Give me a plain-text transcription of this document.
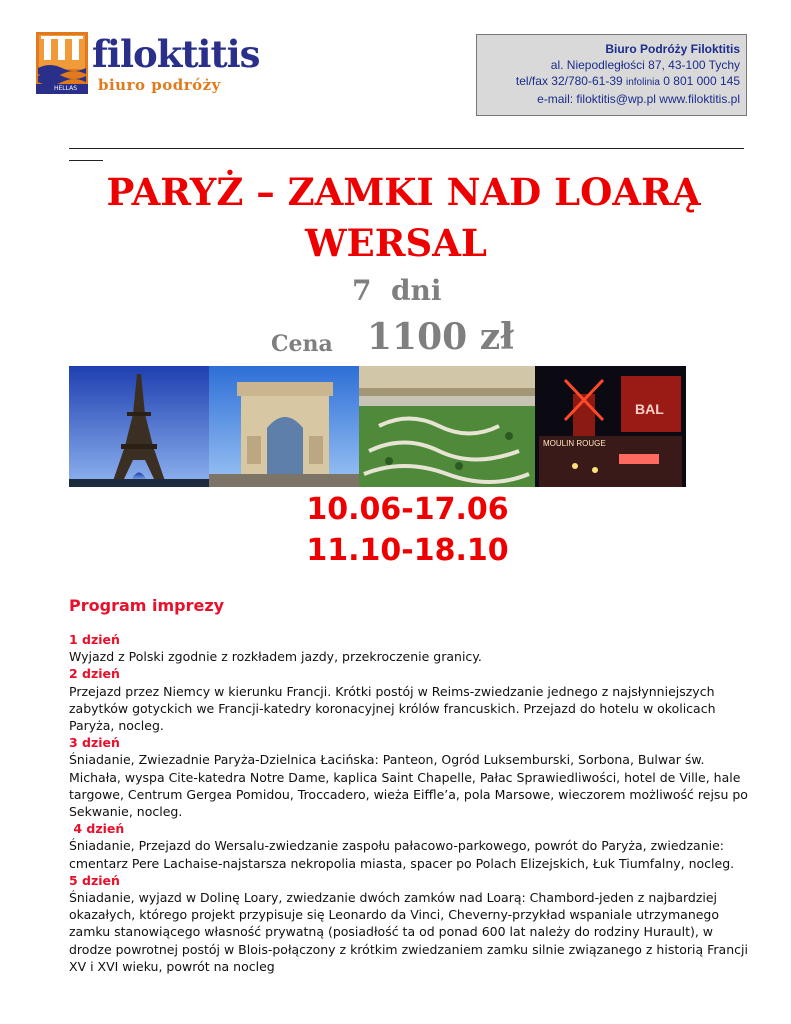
filoktitis
biuro podróży
HELLAS
Biuro Podróży Filoktitis
al. Niepodległości 87, 43-100 Tychy
tel/fax 32/780-61-39 infolinia 0 801 000 145
e-mail: filoktitis@wp.pl www.filoktitis.pl
PARYŻ – ZAMKI NAD LOARĄ
WERSAL
7  dni
Cena 1100 zł
MOULIN ROUGE
BAL
10.06-17.06
11.10-18.10
Program imprezy
1 dzień

Wyjazd z Polski zgodnie z rozkładem jazdy, przekroczenie granicy.

2 dzień

Przejazd przez Niemcy w kierunku Francji. Krótki postój w Reims-zwiedzanie jednego z najsłynniejszych zabytków gotyckich we Francji-katedry koronacyjnej królów francuskich. Przejazd do hotelu w okolicach Paryża, nocleg.

3 dzień

Śniadanie, Zwiezadnie Paryża-Dzielnica Łacińska: Panteon, Ogród Luksemburski, Sorbona, Bulwar św. Michała, wyspa Cite-katedra Notre Dame, kaplica Saint Chapelle, Pałac Sprawiedliwości, hotel de Ville, hale targowe, Centrum Gergea Pomidou, Troccadero, wieża Eiffle’a, pola Marsowe, wieczorem możliwość rejsu po Sekwanie, nocleg.

4 dzień

Śniadanie, Przejazd do Wersalu-zwiedzanie zaspołu pałacowo-parkowego, powrót do Paryża, zwiedzanie: cmentarz Pere Lachaise-najstarsza nekropolia miasta, spacer po Polach Elizejskich, Łuk Tiumfalny, nocleg.

5 dzień

Śniadanie, wyjazd w Dolinę Loary, zwiedzanie dwóch zamków nad Loarą: Chambord-jeden z najbardziej okazałych, którego projekt przypisuje się Leonardo da Vinci, Cheverny-przykład wspaniale utrzymanego zamku stanowiącego własność prywatną (posiadłość ta od ponad 600 lat należy do rodziny Hurault), w drodze powrotnej postój w Blois-połączony z krótkim zwiedzaniem zamku silnie związanego z historią Francji XV i XVI wieku, powrót na nocleg
